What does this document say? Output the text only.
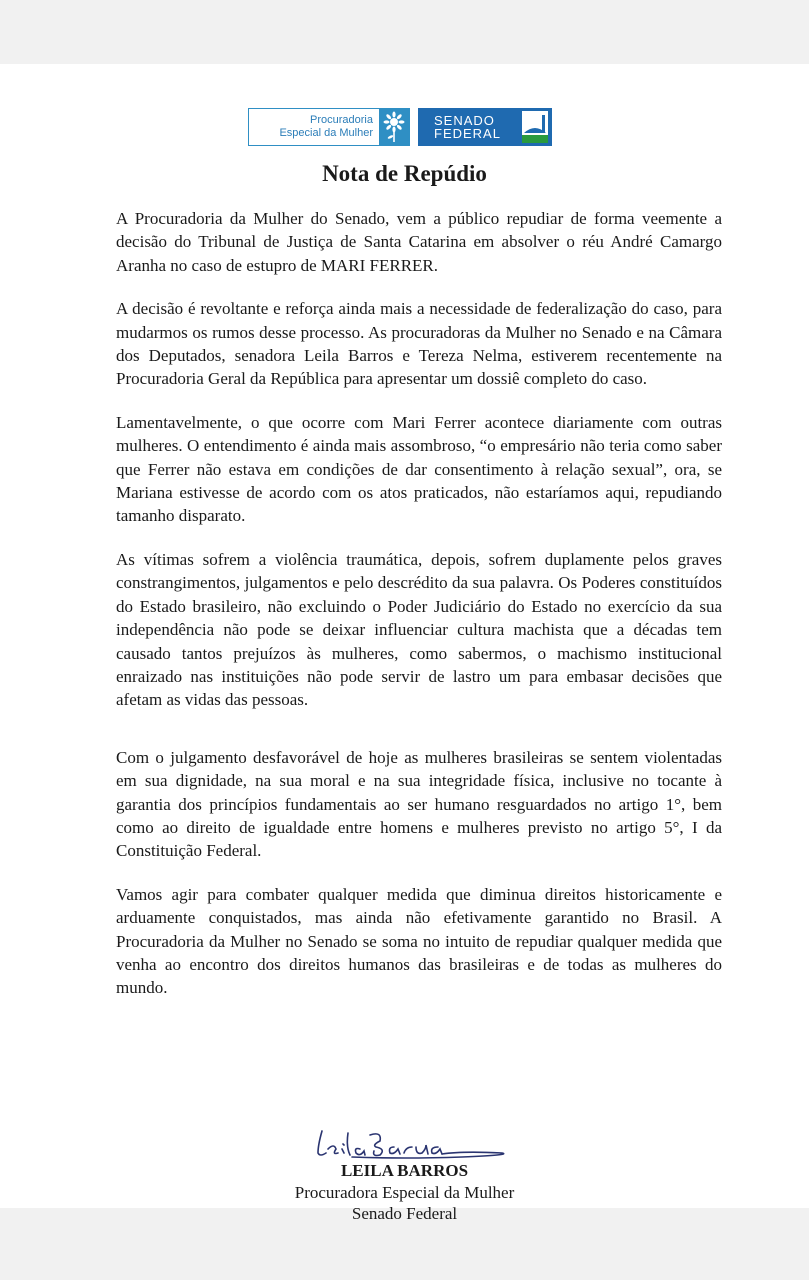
Procuradoria
Especial da Mulher
SENADO
FEDERAL
Nota de Repúdio

A Procuradoria da Mulher do Senado, vem a público repudiar de forma veemente a decisão do Tribunal de Justiça de Santa Catarina em absolver o réu André Camargo Aranha no caso de estupro de MARI FERRER.

A decisão é revoltante e reforça ainda mais a necessidade de federalização do caso, para mudarmos os rumos desse processo. As procuradoras da Mulher no Senado e na Câmara dos Deputados, senadora Leila Barros e Tereza Nelma, estiverem recentemente na Procuradoria Geral da República para apresentar um dossiê completo do caso.

Lamentavelmente, o que ocorre com Mari Ferrer acontece diariamente com outras mulheres. O entendimento é ainda mais assombroso, “o empresário não teria como saber que Ferrer não estava em condições de dar consentimento à relação sexual”, ora, se Mariana estivesse de acordo com os atos praticados, não estaríamos aqui, repudiando tamanho disparato.

As vítimas sofrem a violência traumática, depois, sofrem duplamente pelos graves constrangimentos, julgamentos e pelo descrédito da sua palavra. Os Poderes constituídos do Estado brasileiro, não excluindo o Poder Judiciário do Estado no exercício da sua independência não pode se deixar influenciar cultura machista que a décadas tem causado tantos prejuízos às mulheres, como sabermos, o machismo institucional enraizado nas instituições não pode servir de lastro um para embasar decisões que afetam as vidas das pessoas.

Com o julgamento desfavorável de hoje as mulheres brasileiras se sentem violentadas em sua dignidade, na sua moral e na sua integridade física, inclusive no tocante à garantia dos princípios fundamentais ao ser humano resguardados no artigo 1°, bem como ao direito de igualdade entre homens e mulheres previsto no artigo 5°, I da Constituição Federal.

Vamos agir para combater qualquer medida que diminua direitos historicamente e arduamente conquistados, mas ainda não efetivamente garantido no Brasil. A Procuradoria da Mulher no Senado se soma no intuito de repudiar qualquer medida que venha ao encontro dos direitos humanos das brasileiras e de todas as mulheres do mundo.

LEILA BARROS
Procuradora Especial da Mulher
Senado Federal
